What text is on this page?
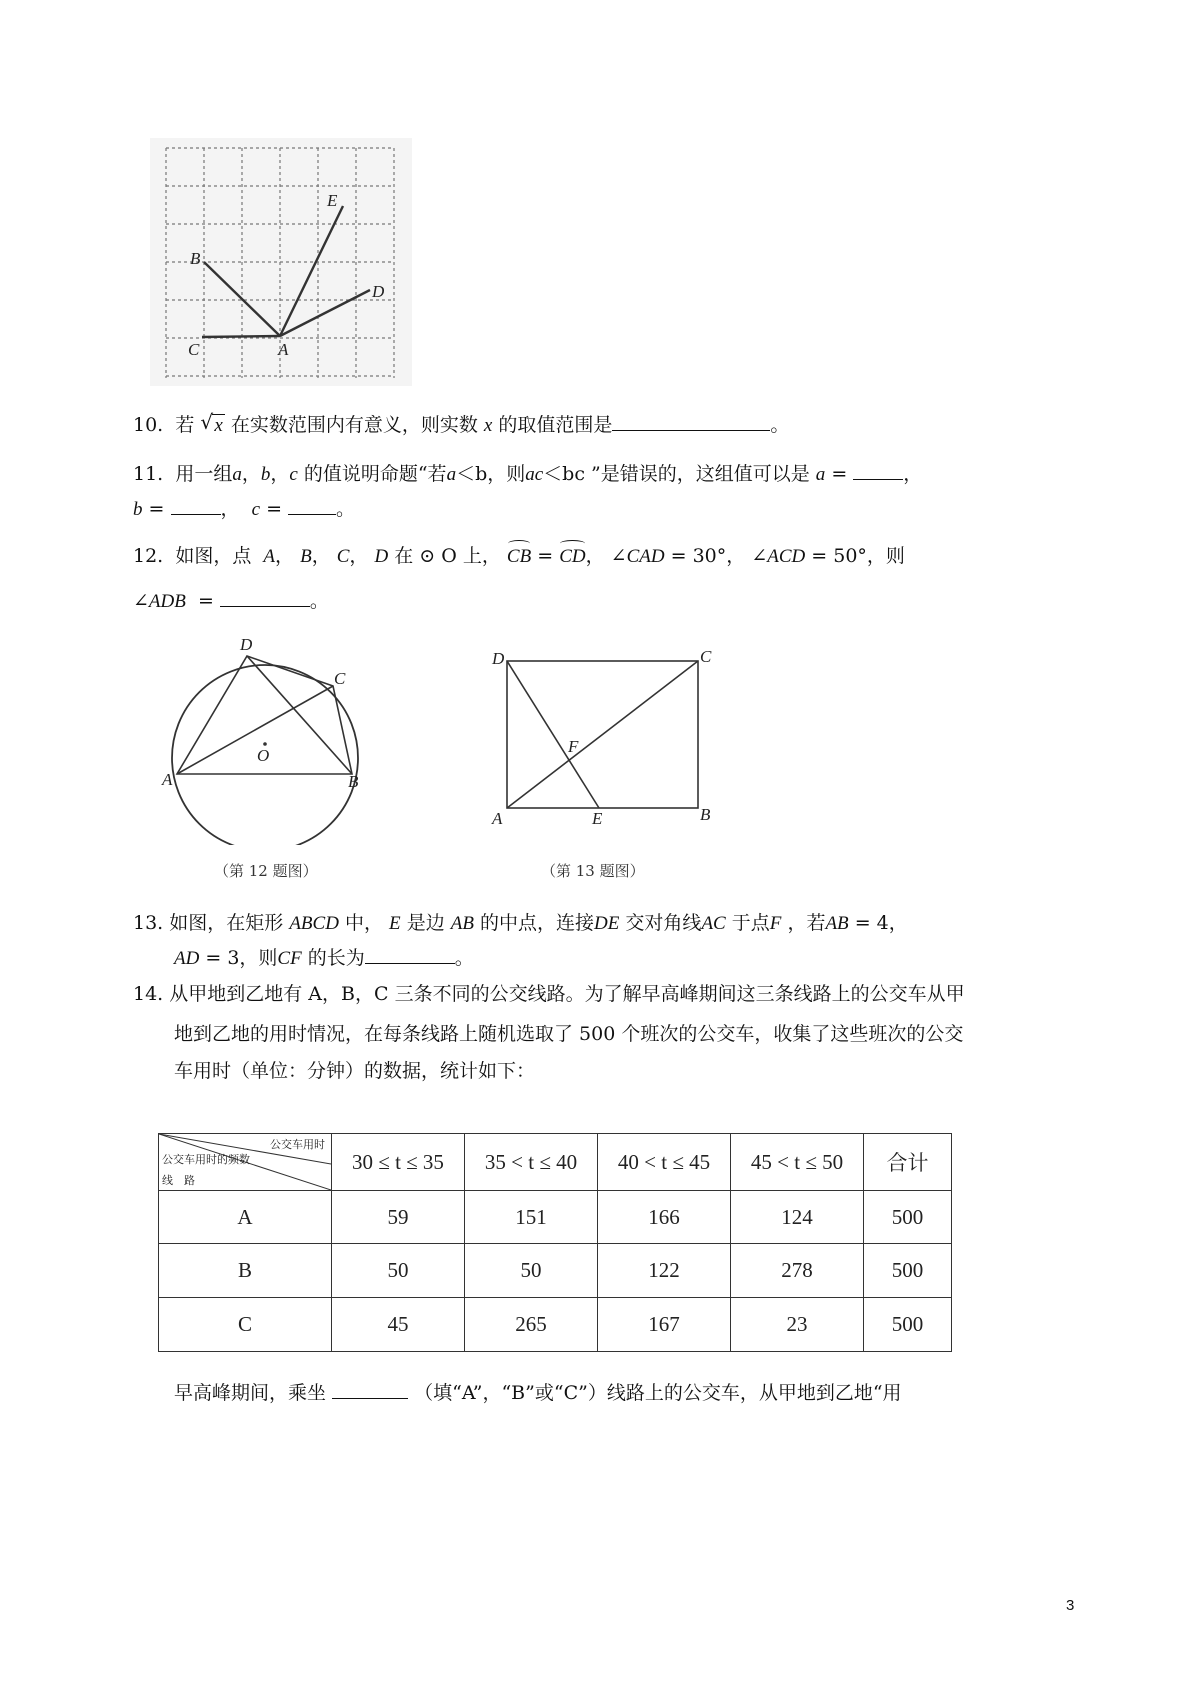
E
B
D
C	A
10. 若 √ x 在实数范围内有意义，则实数 x 的取值范围是	。
11. 用一组a，b，c 的值说明命题“若a＜b，则ac＜bc ”是错误的，这组值可以是 a =	，
b =	， c =	。
12. 如图，点 A， B， C， D 在 ⊙ O 上， CB = CD， ∠CAD = 30°， ∠ACD = 50°，则
∠ADB  =	。
D
C
O
A	B
（第 12 题图）
D	C
F
A	E	B
（第 13 题图）
13. 如图，在矩形 ABCD 中， E 是边 AB 的中点，连接DE 交对角线AC 于点F ，若AB = 4，
AD = 3，则CF 的长为	。
14. 从甲地到乙地有 A，B，C 三条不同的公交线路。为了解早高峰期间这三条线路上的公交车从甲
地到乙地的用时情况，在每条线路上随机选取了 500 个班次的公交车，收集了这些班次的公交
车用时（单位：分钟）的数据，统计如下：
公交车用时
公交车用时的频数
线　路	30 ≤ t ≤ 35	35 < t ≤ 40	40 < t ≤ 45	45 < t ≤ 50	合计
A	59	151	166	124	500
B	50	50	122	278	500
C	45	265	167	23	500
早高峰期间，乘坐	（填“A”，“B”或“C”）线路上的公交车，从甲地到乙地“用
3
